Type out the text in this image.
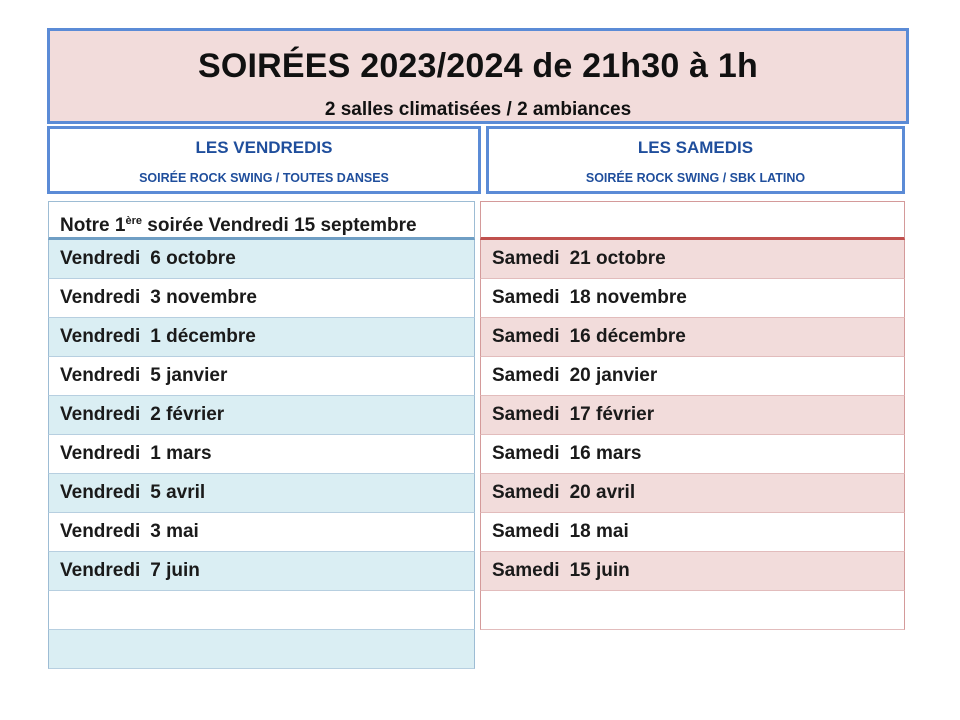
SOIRÉES 2023/2024 de 21h30 à 1h
2 salles climatisées / 2 ambiances
LES VENDREDIS
SOIRÉE ROCK SWING / TOUTES DANSES
LES SAMEDIS
SOIRÉE ROCK SWING / SBK LATINO
Notre 1ère soirée Vendredi 15 septembre
Vendredi 6 octobre
Vendredi 3 novembre
Vendredi 1 décembre
Vendredi 5 janvier
Vendredi 2 février
Vendredi 1 mars
Vendredi 5 avril
Vendredi 3 mai
Vendredi 7 juin
Samedi 21 octobre
Samedi 18 novembre
Samedi 16 décembre
Samedi 20 janvier
Samedi 17 février
Samedi 16 mars
Samedi 20 avril
Samedi 18 mai
Samedi 15 juin
